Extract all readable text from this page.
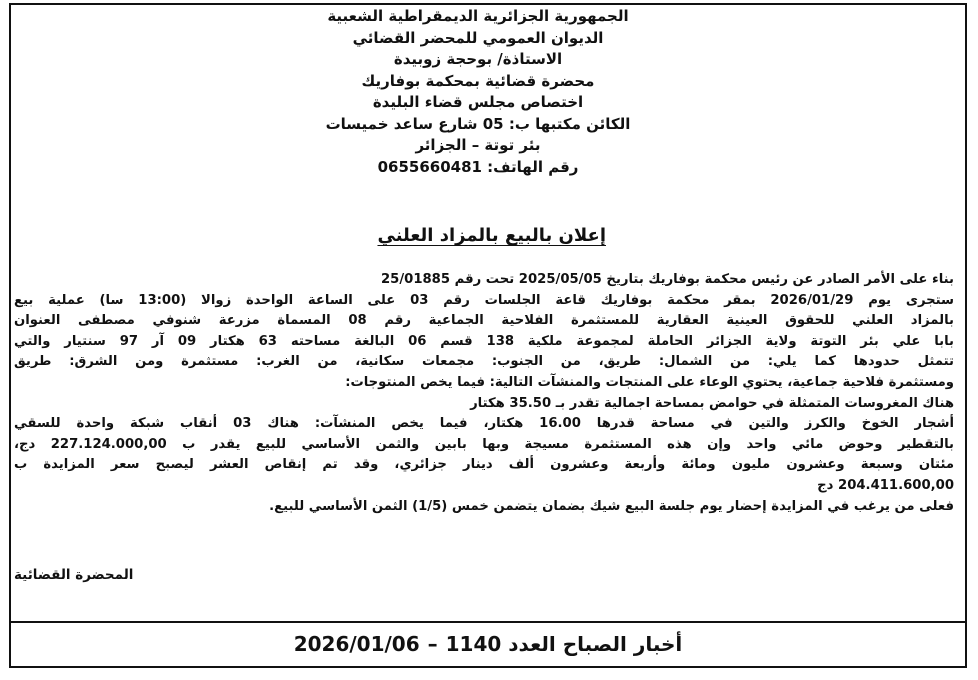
الجمهورية الجزائرية الديمقراطية الشعبية
الديوان العمومي للمحضر القضائي
الاستاذة/ بوحجة زوبيدة
محضرة قضائية بمحكمة بوفاريك
اختصاص مجلس قضاء البليدة
الكائن مكتبها ب: 05 شارع ساعد خميسات
بئر توتة – الجزائر
رقم الهاتف: 0655660481
إعلان بالبيع بالمزاد العلني
بناء على الأمر الصادر عن رئيس محكمة بوفاريك بتاريخ 2025/05/05 تحت رقم 25/01885
ستجرى يوم 2026/01/29 بمقر محكمة بوفاريك قاعة الجلسات رقم 03 على الساعة الواحدة زوالا (13:00 سا) عملية بيع
بالمزاد العلني للحقوق العينية العقارية للمستثمرة الفلاحية الجماعية رقم 08 المسماة مزرعة شنوفي مصطفى العنوان
بابا علي بئر التوتة ولاية الجزائر الحاملة لمجموعة ملكية 138 قسم 06 البالغة مساحته 63 هكتار 09 آر 97 سنتيار والتي
تتمثل حدودها كما يلي: من الشمال: طريق، من الجنوب: مجمعات سكانية، من الغرب: مستثمرة ومن الشرق: طريق
ومستثمرة فلاحية جماعية، يحتوي الوعاء على المنتجات والمنشآت التالية: فيما يخص المنتوجات:
هناك المغروسات المتمثلة في حوامض بمساحة اجمالية تقدر بـ 35.50 هكتار
أشجار الخوخ والكرز والتين في مساحة قدرها 16.00 هكتار، فيما يخص المنشآت: هناك 03 أنقاب شبكة واحدة للسقي
بالتقطير وحوض مائي واحد وإن هذه المستثمرة مسيجة وبها بابين والثمن الأساسي للبيع يقدر ب 227.124.000,00 دج،
مئتان وسبعة وعشرون مليون ومائة وأربعة وعشرون ألف دينار جزائري، وقد تم إنقاص العشر ليصبح سعر المزايدة ب
204.411.600,00 دج
فعلى من يرغب في المزايدة إحضار يوم جلسة البيع شيك بضمان يتضمن خمس (1/5) الثمن الأساسي للبيع.
المحضرة القضائية
أخبار الصباح العدد 1140–2026/01/06
